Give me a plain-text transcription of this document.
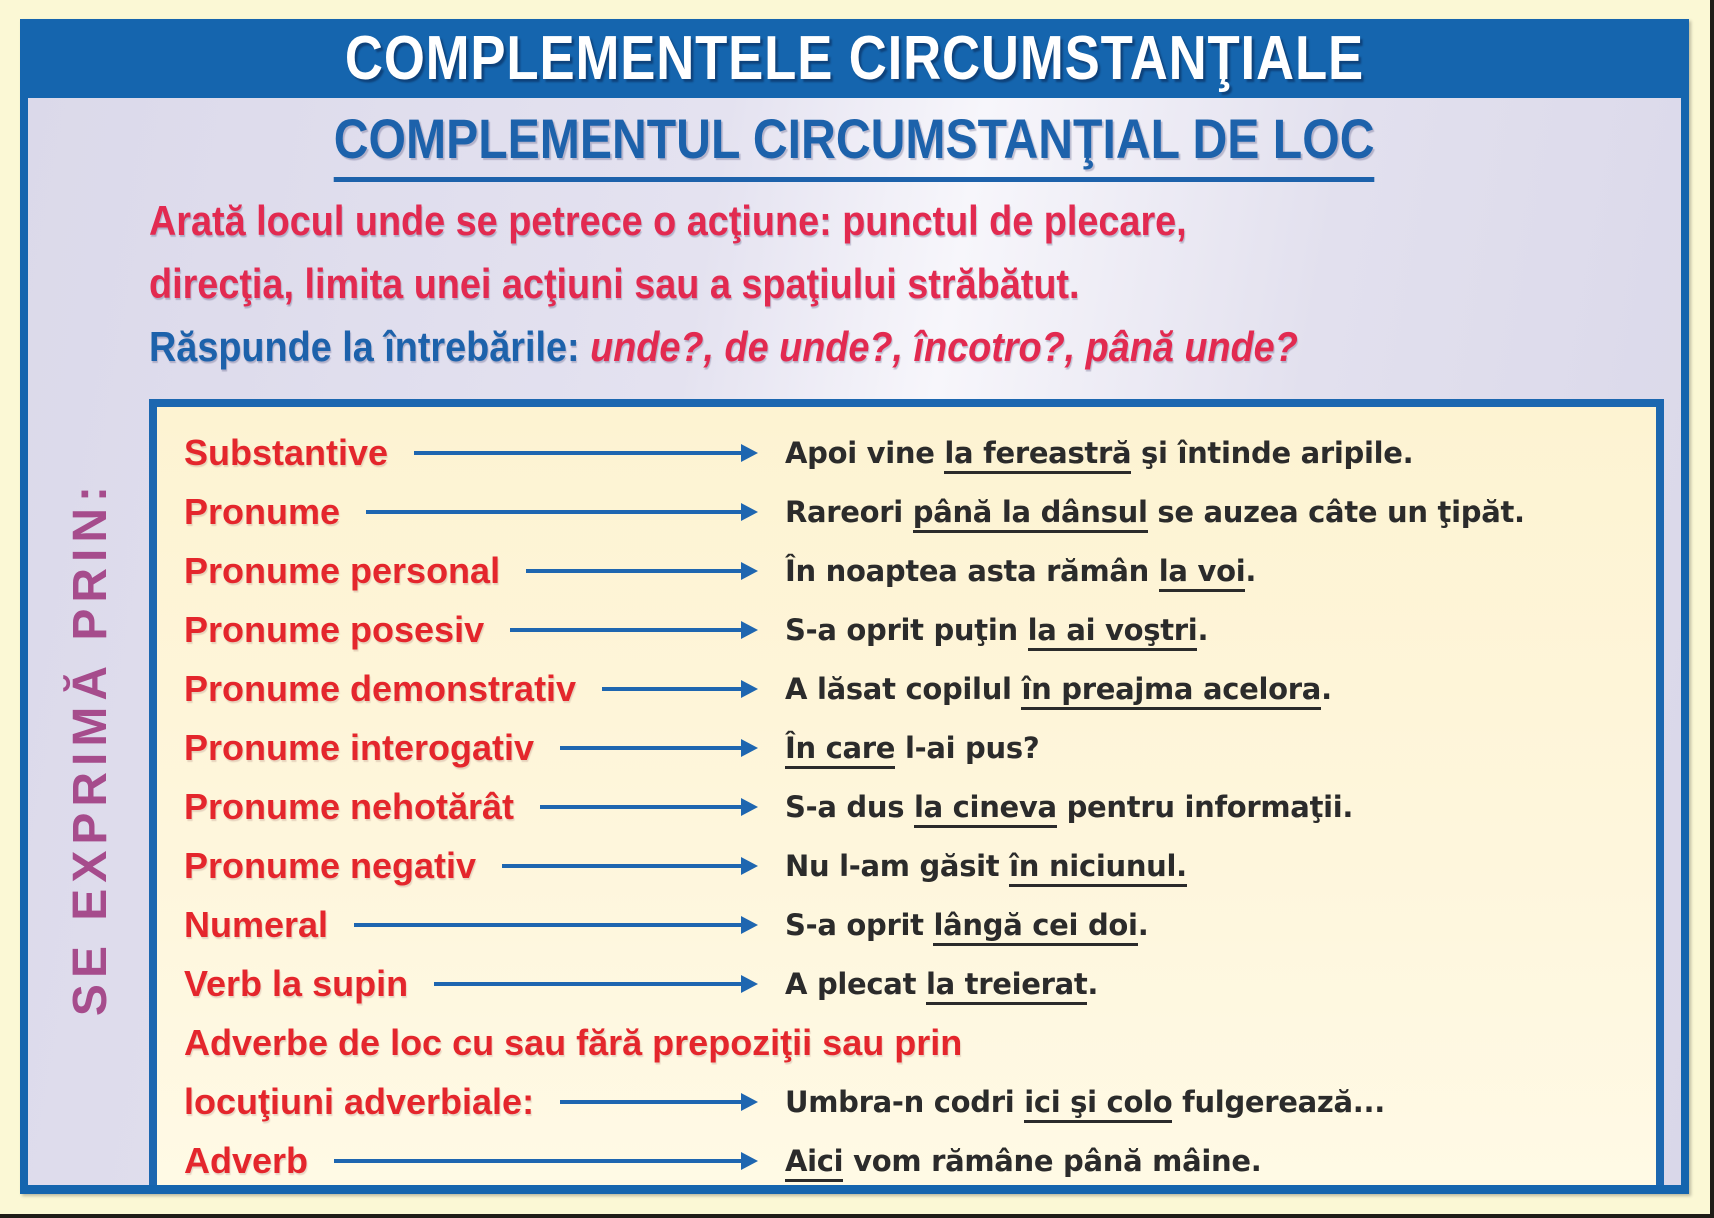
COMPLEMENTELE CIRCUMSTANŢIALE
COMPLEMENTUL CIRCUMSTANŢIAL DE LOC
Arată locul unde se petrece o acţiune: punctul de plecare,
direcţia, limita unei acţiuni sau a spaţiului străbătut.
Răspunde la întrebările: unde?, de unde?, încotro?, până unde?
SE EXPRIMĂ PRIN:
Substantive	Apoi vine la fereastră şi întinde aripile.
Pronume	Rareori până la dânsul se auzea câte un ţipăt.
Pronume personal	În noaptea asta rămân la voi.
Pronume posesiv	S-a oprit puţin la ai voştri.
Pronume demonstrativ	A lăsat copilul în preajma acelora.
Pronume interogativ	În care l-ai pus?
Pronume nehotărât	S-a dus la cineva pentru informaţii.
Pronume negativ	Nu l-am găsit în niciunul.
Numeral	S-a oprit lângă cei doi.
Verb la supin	A plecat la treierat.
Adverbe de loc cu sau fără prepoziţii sau prin
locuţiuni adverbiale:	Umbra-n codri ici şi colo fulgerează...
Adverb	Aici vom rămâne până mâine.
